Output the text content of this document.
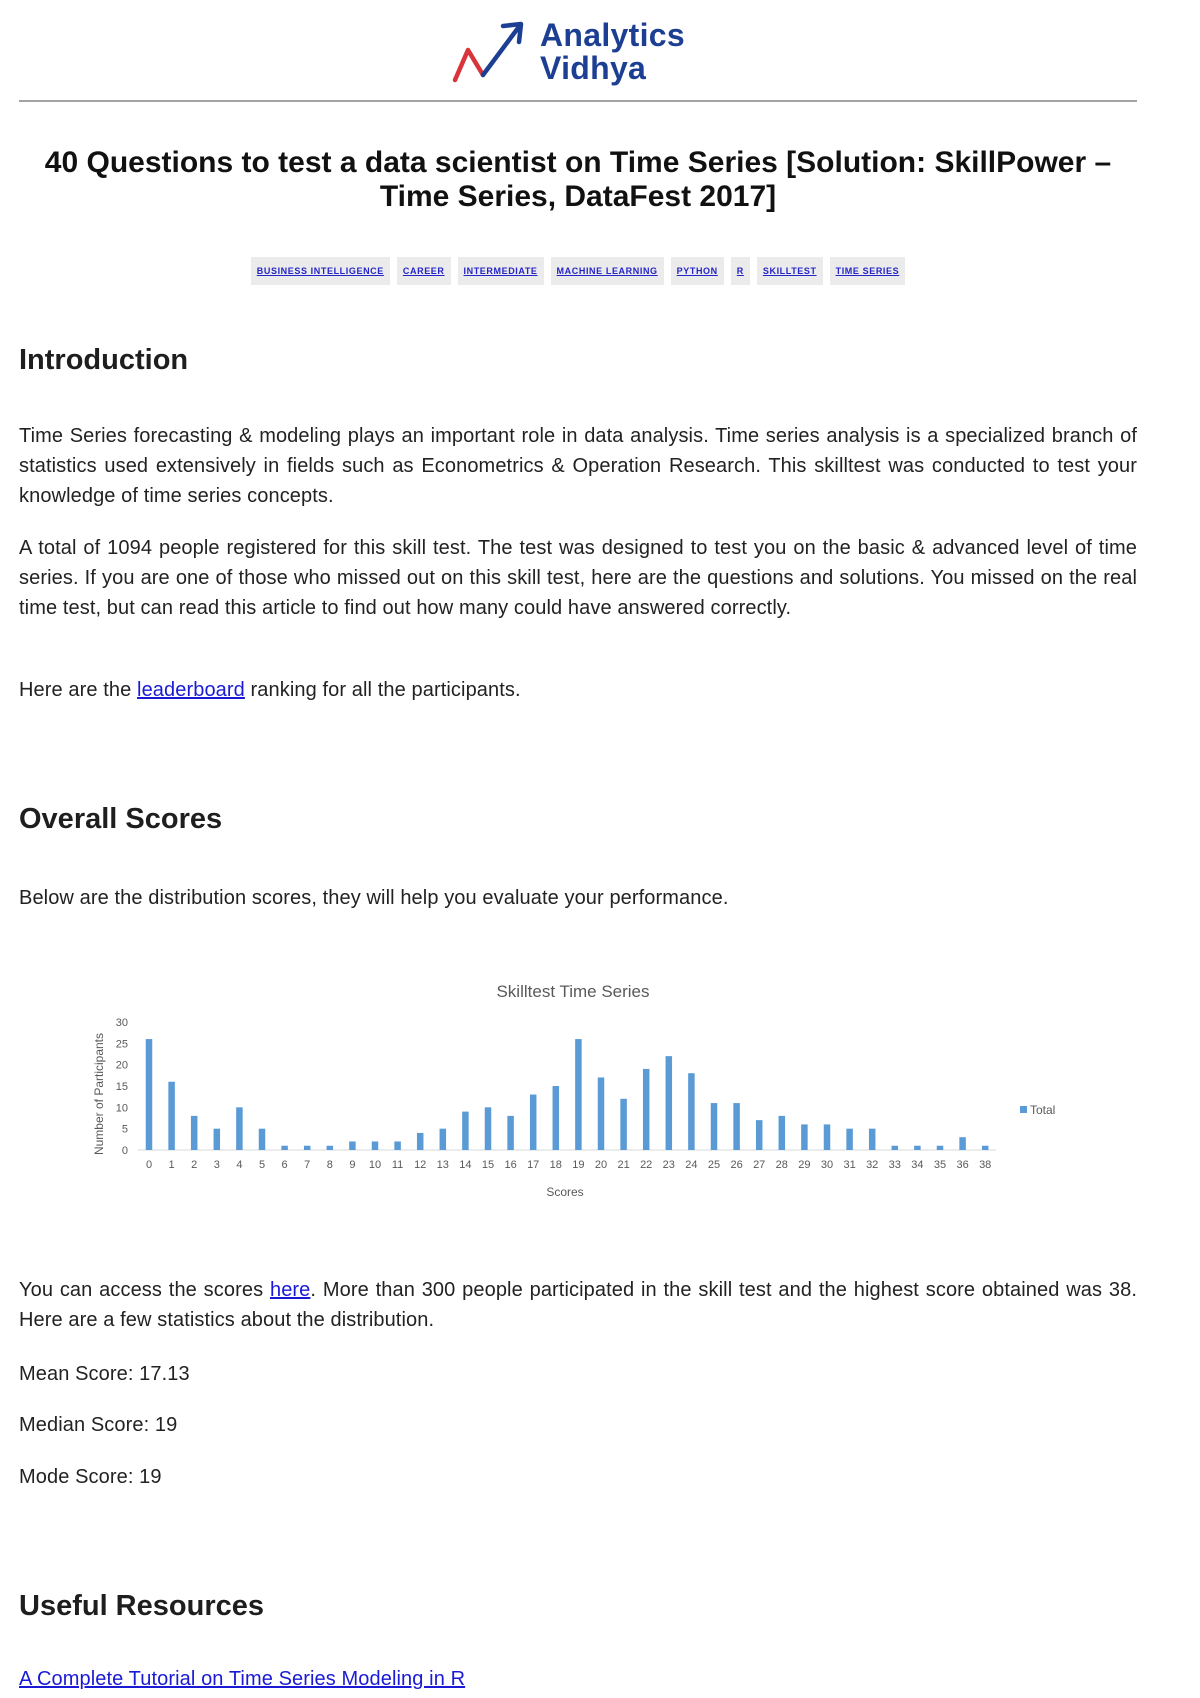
Analytics
Vidhya
40 Questions to test a data scientist on Time Series [Solution: SkillPower – Time Series, DataFest 2017]
BUSINESS INTELLIGENCE CAREER INTERMEDIATE MACHINE LEARNING PYTHON R SKILLTEST TIME SERIES
Introduction

Time Series forecasting & modeling plays an important role in data analysis. Time series analysis is a specialized branch of statistics used extensively in fields such as Econometrics & Operation Research. This skilltest was conducted to test your knowledge of time series concepts.

A total of 1094 people registered for this skill test. The test was designed to test you on the basic & advanced level of time series. If you are one of those who missed out on this skill test, here are the questions and solutions. You missed on the real time test, but can read this article to find out how many could have answered correctly.

Here are the leaderboard ranking for all the participants.

Overall Scores

Below are the distribution scores, they will help you evaluate your performance.

Skilltest Time Series
Number of Participants
Scores
Total
0
5
10
15
20
25
30
0 1 2 3 4 5 6 7 8 9 10 11 12 13 14 15 16 17 18 19 20 21 22 23 24 25 26 27 28 29 30 31 32 33 34 35 36 38

You can access the scores here. More than 300 people participated in the skill test and the highest score obtained was 38. Here are a few statistics about the distribution.

Mean Score: 17.13

Median Score: 19

Mode Score: 19

Useful Resources

A Complete Tutorial on Time Series Modeling in R
